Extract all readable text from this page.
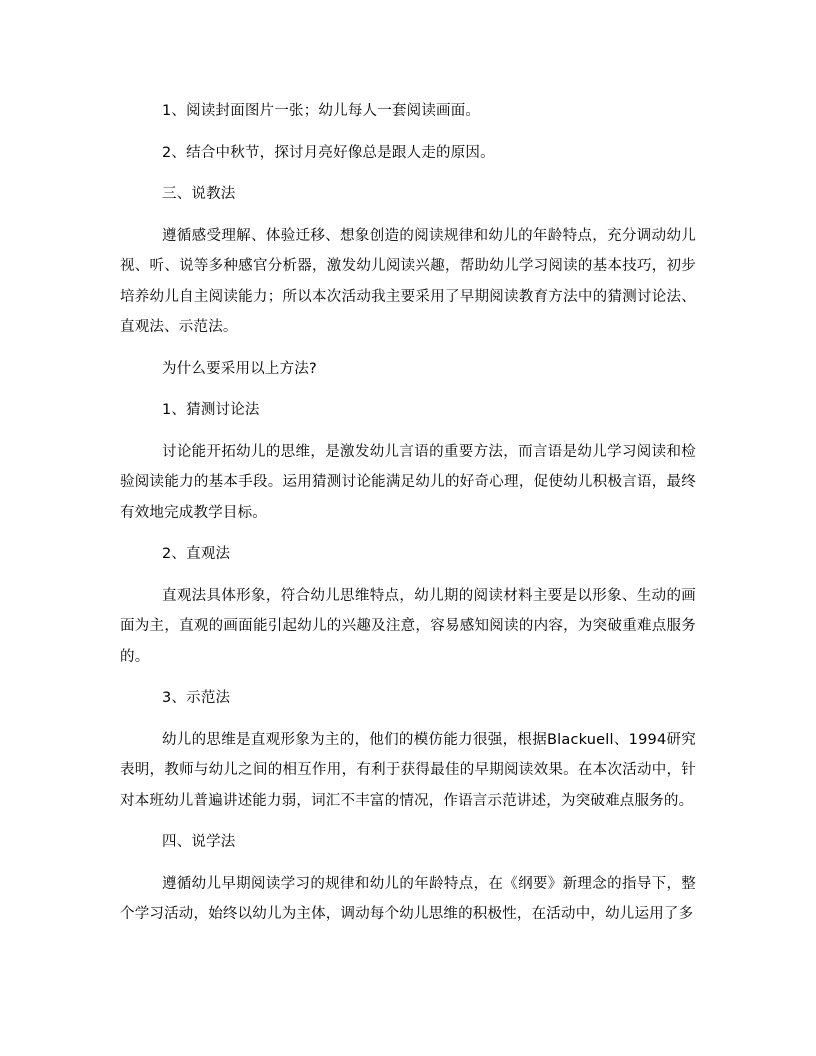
1、阅读封面图片一张；幼儿每人一套阅读画面。

2、结合中秋节，探讨月亮好像总是跟人走的原因。

三、说教法

遵循感受理解、体验迁移、想象创造的阅读规律和幼儿的年龄特点，充分调动幼儿视、听、说等多种感官分析器，激发幼儿阅读兴趣，帮助幼儿学习阅读的基本技巧，初步培养幼儿自主阅读能力；所以本次活动我主要采用了早期阅读教育方法中的猜测讨论法、直观法、示范法。

为什么要采用以上方法?

1、猜测讨论法

讨论能开拓幼儿的思维，是激发幼儿言语的重要方法，而言语是幼儿学习阅读和检验阅读能力的基本手段。运用猜测讨论能满足幼儿的好奇心理，促使幼儿积极言语，最终有效地完成教学目标。

2、直观法

直观法具体形象，符合幼儿思维特点，幼儿期的阅读材料主要是以形象、生动的画面为主，直观的画面能引起幼儿的兴趣及注意，容易感知阅读的内容，为突破重难点服务的。

3、示范法

幼儿的思维是直观形象为主的，他们的模仿能力很强，根据Blackuell、1994研究表明，教师与幼儿之间的相互作用，有利于获得最佳的早期阅读效果。在本次活动中，针对本班幼儿普遍讲述能力弱，词汇不丰富的情况，作语言示范讲述，为突破难点服务的。

四、说学法

遵循幼儿早期阅读学习的规律和幼儿的年龄特点，在《纲要》新理念的指导下，整个学习活动，始终以幼儿为主体，调动每个幼儿思维的积极性，在活动中，幼儿运用了多
